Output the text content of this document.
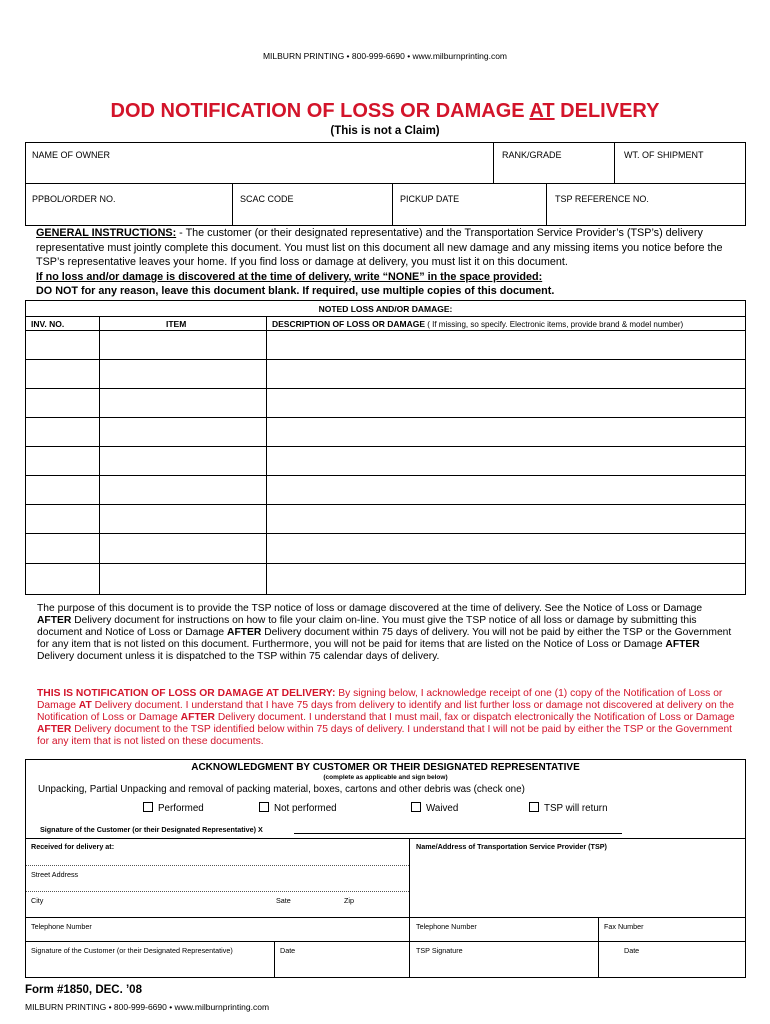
MILBURN PRINTING • 800-999-6690 • www.milburnprinting.com
DOD NOTIFICATION OF LOSS OR DAMAGE AT DELIVERY
(This is not a Claim)
NAME OF OWNER	RANK/GRADE	WT. OF SHIPMENT
PPBOL/ORDER NO.	SCAC CODE	PICKUP DATE	TSP REFERENCE NO.
GENERAL INSTRUCTIONS: - The customer (or their designated representative) and the Transportation Service Provider’s (TSP’s) delivery representative must jointly complete this document. You must list on this document all new damage and any missing items you notice before the TSP’s representative leaves your home. If you find loss or damage at delivery, you must list it on this document.
If no loss and/or damage is discovered at the time of delivery, write “NONE” in the space provided:
DO NOT for any reason, leave this document blank. If required, use multiple copies of this document.
NOTED LOSS AND/OR DAMAGE:
INV. NO.	ITEM	DESCRIPTION OF LOSS OR DAMAGE ( If missing, so specify. Electronic items, provide brand & model number)
The purpose of this document is to provide the TSP notice of loss or damage discovered at the time of delivery. See the Notice of Loss or Damage AFTER Delivery document for instructions on how to file your claim on-line. You must give the TSP notice of all loss or damage by submitting this document and Notice of Loss or Damage AFTER Delivery document within 75 days of delivery. You will not be paid by either the TSP or the Government for any item that is not listed on this document. Furthermore, you will not be paid for items that are listed on the Notice of Loss or Damage AFTER Delivery document unless it is dispatched to the TSP within 75 calendar days of delivery.
THIS IS NOTIFICATION OF LOSS OR DAMAGE AT DELIVERY: By signing below, I acknowledge receipt of one (1) copy of the Notification of Loss or Damage AT Delivery document. I understand that I have 75 days from delivery to identify and list further loss or damage not discovered at delivery on the Notification of Loss or Damage AFTER Delivery document. I understand that I must mail, fax or dispatch electronically the Notification of Loss or Damage AFTER Delivery document to the TSP identified below within 75 days of delivery. I understand that I will not be paid by either the TSP or the Government for any item that is not listed on these documents.
ACKNOWLEDGMENT BY CUSTOMER OR THEIR DESIGNATED REPRESENTATIVE
(complete as applicable and sign below)
Unpacking, Partial Unpacking and removal of packing material, boxes, cartons and other debris was (check one)
Performed	Not performed	Waived	TSP will return
Signature of the Customer (or their Designated Representative) X
Received for delivery at:	Name/Address of Transportation Service Provider (TSP)
Street Address
City	Sate	Zip
Telephone Number	Telephone Number	Fax Number
Signature of the Customer (or their Designated Representative)	Date	TSP Signature	Date
Form #1850, DEC. ’08
MILBURN PRINTING • 800-999-6690 • www.milburnprinting.com
